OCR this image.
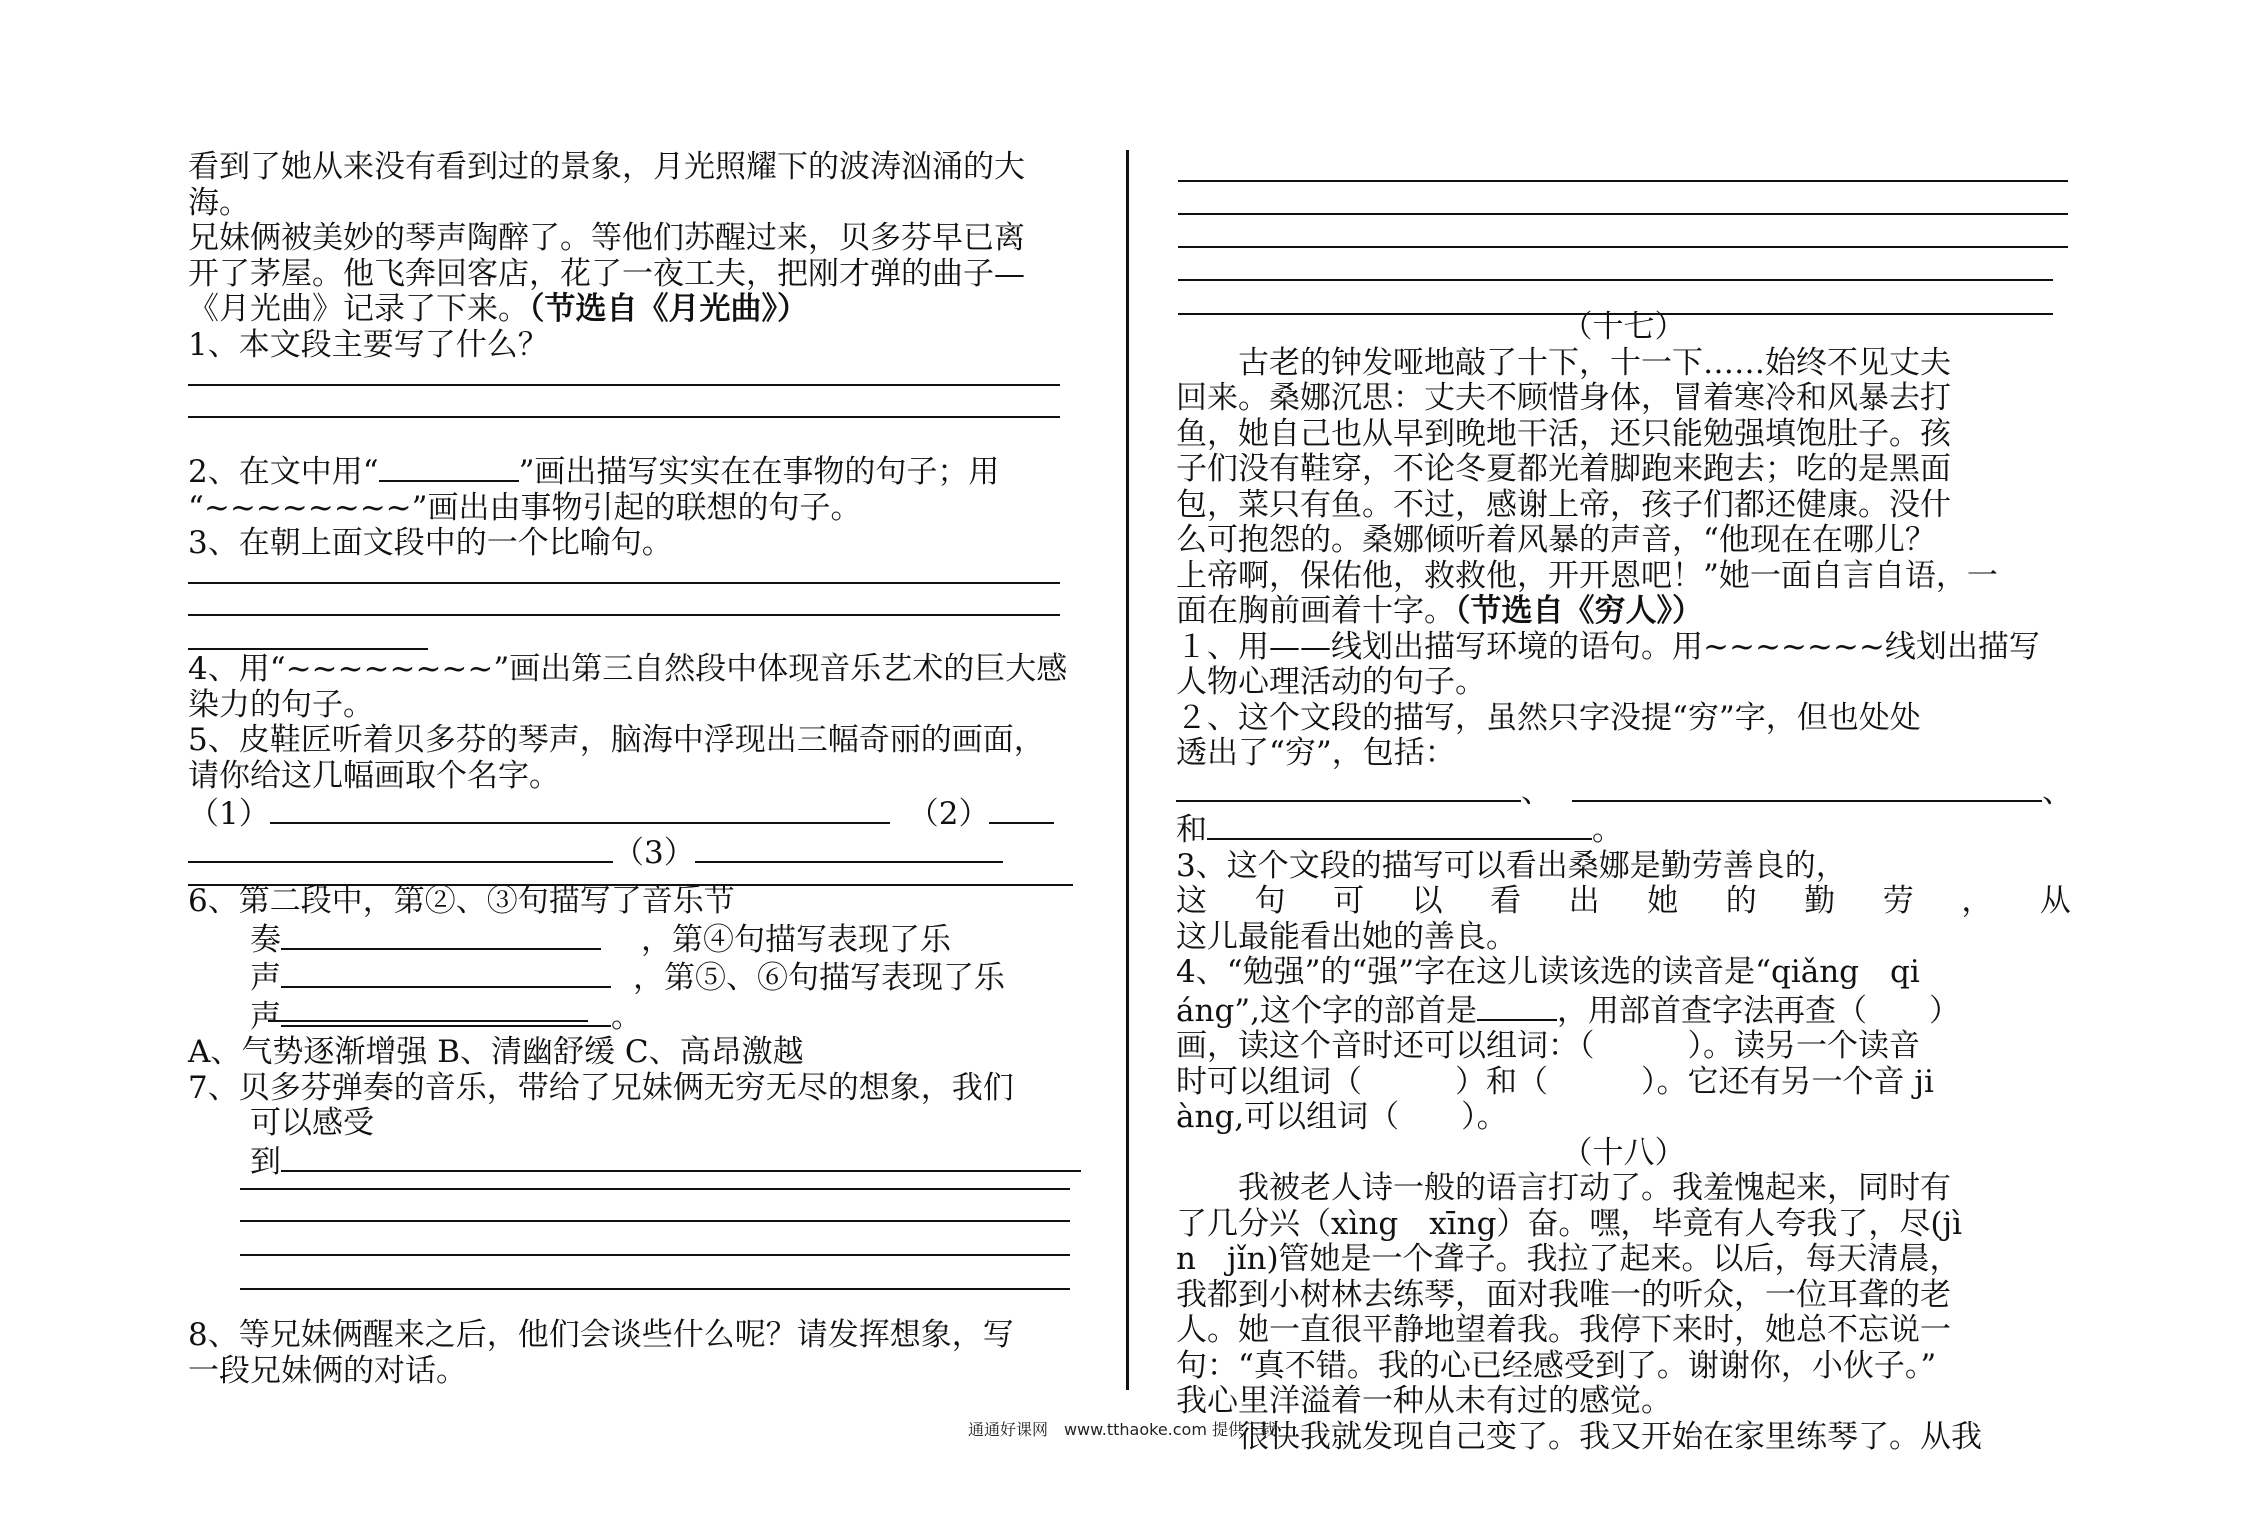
看到了她从来没有看到过的景象，月光照耀下的波涛汹涌的大

海。

兄妹俩被美妙的琴声陶醉了。等他们苏醒过来，贝多芬早已离

开了茅屋。他飞奔回客店，花了一夜工夫，把刚才弹的曲子—

《月光曲》记录了下来。（节选自《月光曲》）

1、本文段主要写了什么？

2、在文中用“	”画出描写实实在在事物的句子；用

“~~~~~~~~”画出由事物引起的联想的句子。

3、在朝上面文段中的一个比喻句。

4、用“~~~~~~~~”画出第三自然段中体现音乐艺术的巨大感

染力的句子。

5、皮鞋匠听着贝多芬的琴声，脑海中浮现出三幅奇丽的画面，

请你给这几幅画取个名字。

（1）	（2）

（3）

6、第二段中，第②、③句描写了音乐节

奏	，第④句描写表现了乐

声	，第⑤、⑥句描写表现了乐

声	。

A、气势逐渐增强 B、清幽舒缓 C、高昂激越

7、贝多芬弹奏的音乐，带给了兄妹俩无穷无尽的想象，我们

可以感受

到

8、等兄妹俩醒来之后，他们会谈些什么呢？请发挥想象，写

一段兄妹俩的对话。

（十七）

古老的钟发哑地敲了十下，十一下……始终不见丈夫

回来。桑娜沉思：丈夫不顾惜身体，冒着寒冷和风暴去打

鱼，她自己也从早到晚地干活，还只能勉强填饱肚子。孩

子们没有鞋穿，不论冬夏都光着脚跑来跑去；吃的是黑面

包，菜只有鱼。不过，感谢上帝，孩子们都还健康。没什

么可抱怨的。桑娜倾听着风暴的声音，“他现在在哪儿？

上帝啊，保佑他，救救他，开开恩吧！”她一面自言自语，一

面在胸前画着十字。（节选自《穷人》）

１、用——线划出描写环境的语句。用~~~~~~~线划出描写

人物心理活动的句子。

２、这个文段的描写，虽然只字没提“穷”字，但也处处

透出了“穷”，包括：

、	、

和	。

3、这个文段的描写可以看出桑娜是勤劳善良的，

这 句 可 以 看 出 她 的 勤 劳 ， 从

这儿最能看出她的善良。

4、“勉强”的“强”字在这儿读该选的读音是“qiǎng　qi

áng”,这个字的部首是	，用部首查字法再查（　　）

画，读这个音时还可以组词：（　　　）。读另一个读音

时可以组词（　　　）和（　　　）。它还有另一个音 ji

àng,可以组词（　　）。

（十八）

我被老人诗一般的语言打动了。我羞愧起来，同时有

了几分兴（xìng　xīng）奋。嘿，毕竟有人夸我了，尽(jì

n　jǐn)管她是一个聋子。我拉了起来。以后，每天清晨，

我都到小树林去练琴，面对我唯一的听众，一位耳聋的老

人。她一直很平静地望着我。我停下来时，她总不忘说一

句：“真不错。我的心已经感受到了。谢谢你，小伙子。”

我心里洋溢着一种从未有过的感觉。

很快我就发现自己变了。我又开始在家里练琴了。从我

通通好课网　www.tthaoke.com 提供下载
